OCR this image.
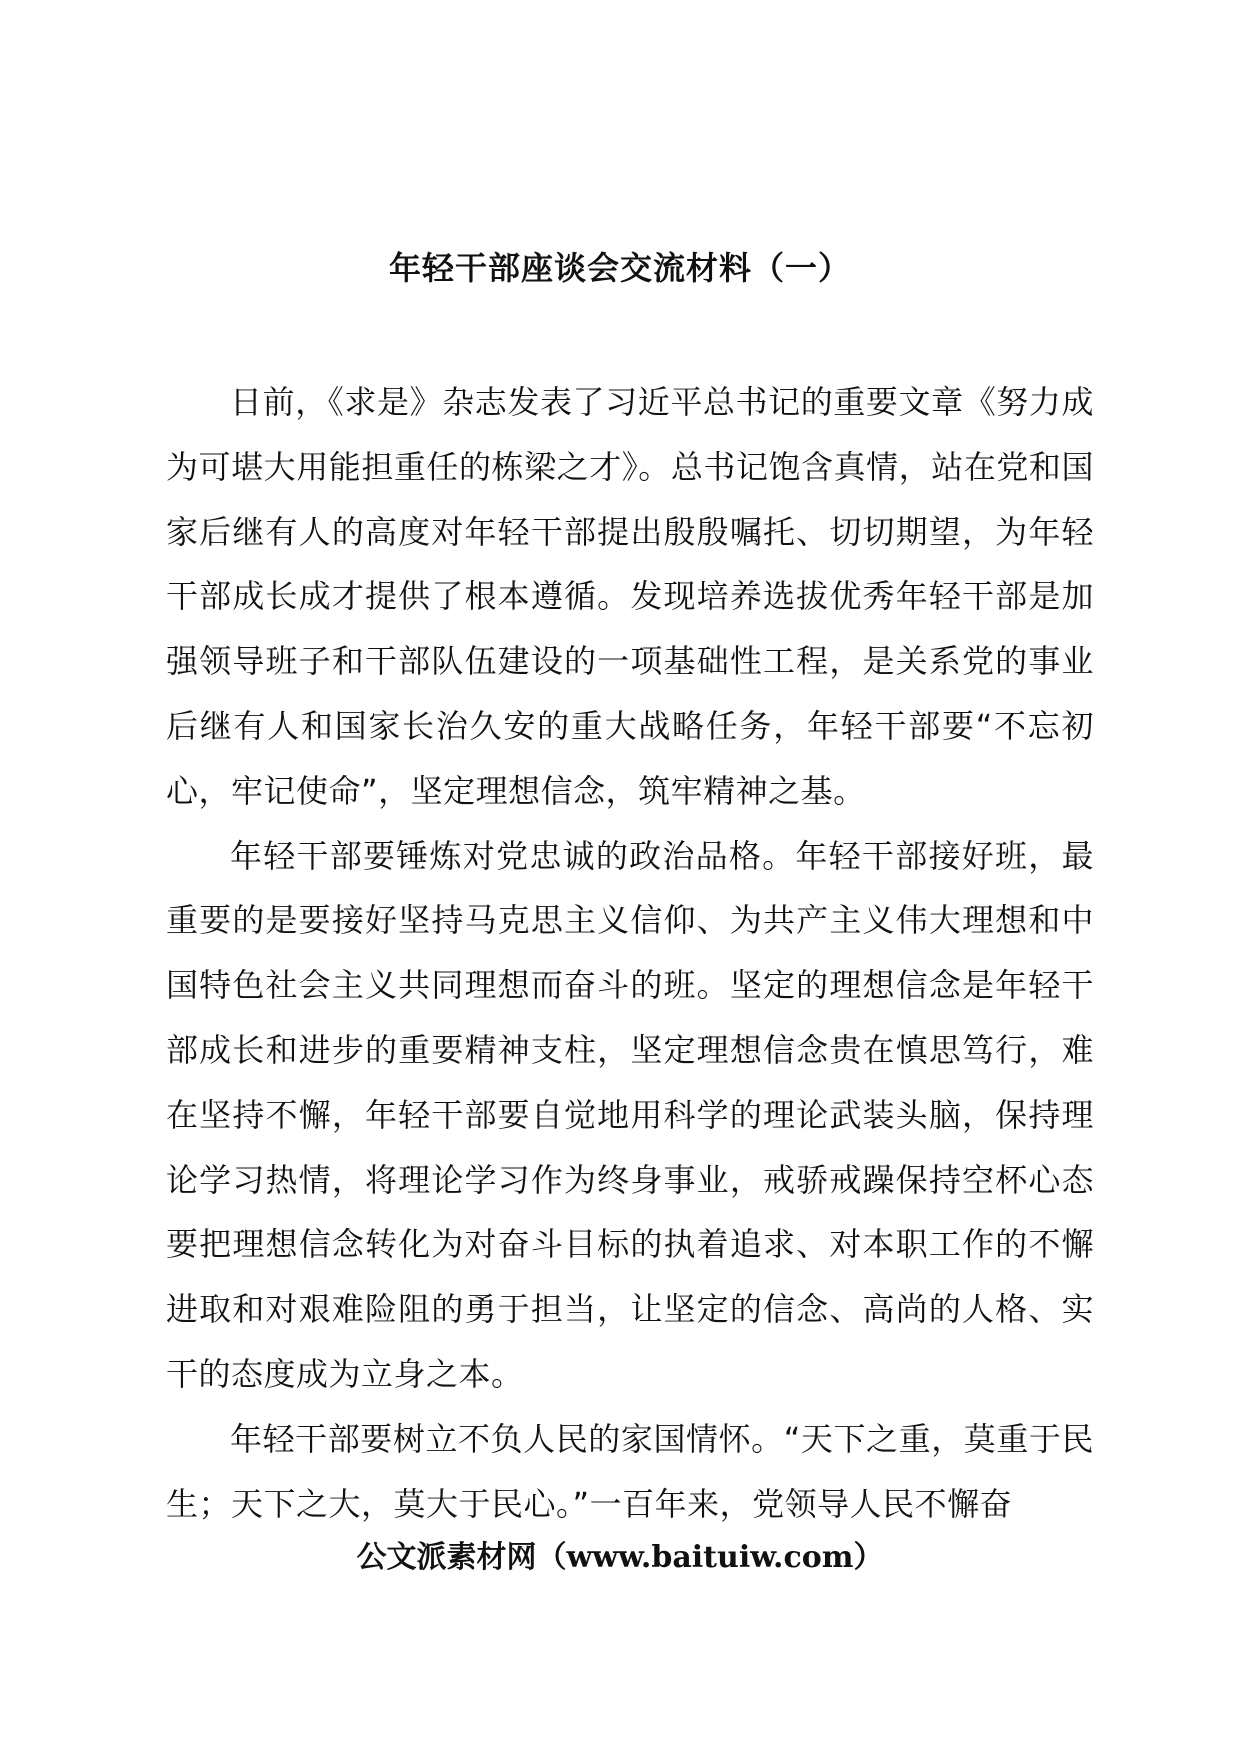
年轻干部座谈会交流材料（一）

日前，《求是》杂志发表了习近平总书记的重要文章《努力成为可堪大用能担重任的栋梁之才》。总书记饱含真情，站在党和国家后继有人的高度对年轻干部提出殷殷嘱托、切切期望，为年轻干部成长成才提供了根本遵循。发现培养选拔优秀年轻干部是加强领导班子和干部队伍建设的一项基础性工程，是关系党的事业后继有人和国家长治久安的重大战略任务，年轻干部要“不忘初心，牢记使命”，坚定理想信念，筑牢精神之基。

年轻干部要锤炼对党忠诚的政治品格。年轻干部接好班，最重要的是要接好坚持马克思主义信仰、为共产主义伟大理想和中国特色社会主义共同理想而奋斗的班。坚定的理想信念是年轻干部成长和进步的重要精神支柱，坚定理想信念贵在慎思笃行，难在坚持不懈，年轻干部要自觉地用科学的理论武装头脑，保持理论学习热情，将理论学习作为终身事业，戒骄戒躁保持空杯心态要把理想信念转化为对奋斗目标的执着追求、对本职工作的不懈进取和对艰难险阻的勇于担当，让坚定的信念、高尚的人格、实干的态度成为立身之本。

年轻干部要树立不负人民的家国情怀。“天下之重，莫重于民生；天下之大，莫大于民心。”一百年来，党领导人民不懈奋

公文派素材网（www.baituiw.com）
